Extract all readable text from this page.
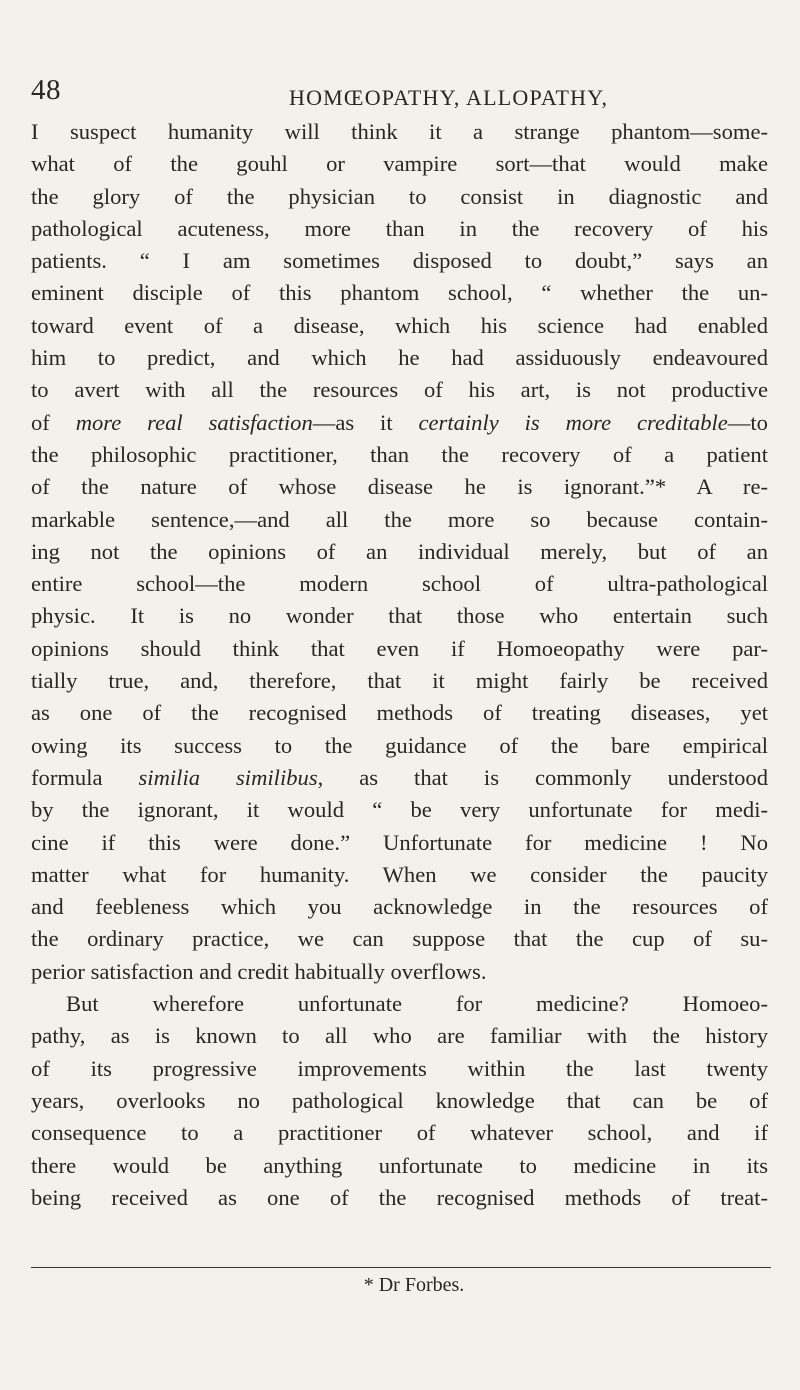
48	HOMŒOPATHY, ALLOPATHY,
I suspect humanity will think it a strange phantom—some-
what of the gouhl or vampire sort—that would make
the glory of the physician to consist in diagnostic and
pathological acuteness, more than in the recovery of his
patients. “ I am sometimes disposed to doubt,” says an
eminent disciple of this phantom school, “ whether the un-
toward event of a disease, which his science had enabled
him to predict, and which he had assiduously endeavoured
to avert with all the resources of his art, is not productive
of more real satisfaction—as it certainly is more creditable—to
the philosophic practitioner, than the recovery of a patient
of the nature of whose disease he is ignorant.”* A re-
markable sentence,—and all the more so because contain-
ing not the opinions of an individual merely, but of an
entire school—the modern school of ultra-pathological
physic. It is no wonder that those who entertain such
opinions should think that even if Homoeopathy were par-
tially true, and, therefore, that it might fairly be received
as one of the recognised methods of treating diseases, yet
owing its success to the guidance of the bare empirical
formula similia similibus, as that is commonly understood
by the ignorant, it would “ be very unfortunate for medi-
cine if this were done.” Unfortunate for medicine ! No
matter what for humanity. When we consider the paucity
and feebleness which you acknowledge in the resources of
the ordinary practice, we can suppose that the cup of su-
perior satisfaction and credit habitually overflows.
But wherefore unfortunate for medicine? Homoeo-
pathy, as is known to all who are familiar with the history
of its progressive improvements within the last twenty
years, overlooks no pathological knowledge that can be of
consequence to a practitioner of whatever school, and if
there would be anything unfortunate to medicine in its
being received as one of the recognised methods of treat-
* Dr Forbes.
